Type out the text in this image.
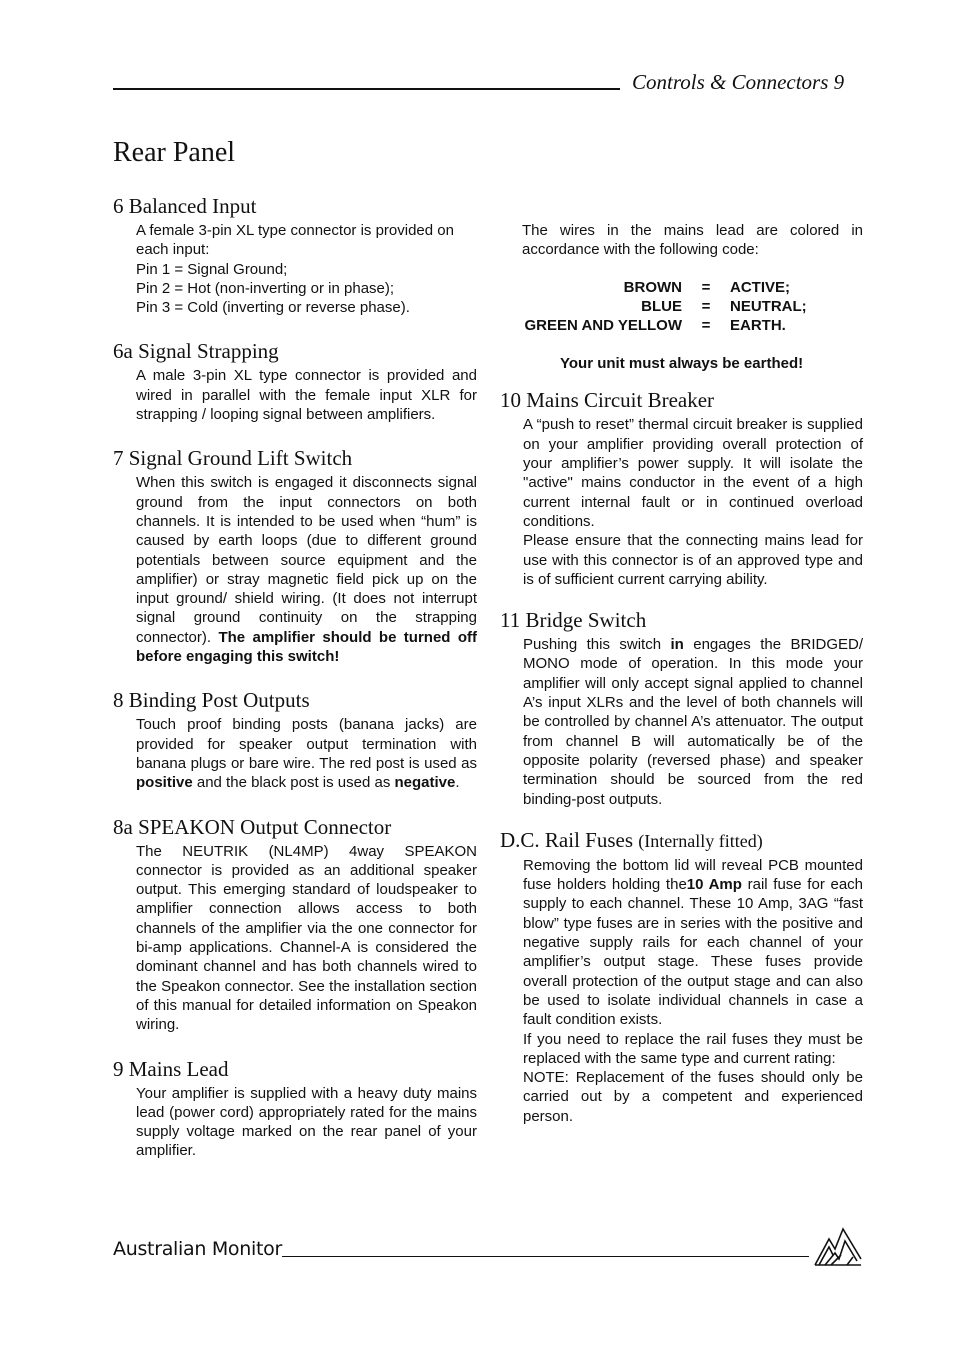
Controls & Connectors 9
Rear Panel
6 Balanced Input

A female 3-pin XL type connector is provided on each input:

Pin 1 = Signal Ground;

Pin 2 = Hot (non-inverting or in phase);

Pin 3 = Cold (inverting or reverse phase).

6a Signal Strapping

A male 3-pin XL type connector is provided and wired in parallel with the female input XLR for strapping / looping signal between amplifiers.

7 Signal Ground Lift Switch

When this switch is engaged it disconnects signal ground from the input connectors on both channels. It is intended to be used when “hum” is caused by earth loops (due to different ground potentials between source equipment and the amplifier) or stray magnetic field pick up on the input ground/ shield wiring. (It does not interrupt signal ground continuity on the strapping connector). The amplifier should be turned off before engaging this switch!

8 Binding Post Outputs

Touch proof binding posts (banana jacks) are provided for speaker output termination with banana plugs or bare wire. The red post is used as positive and the black post is used as negative.

8a SPEAKON Output Connector

The NEUTRIK (NL4MP) 4way SPEAKON connector is provided as an additional speaker output. This emerging standard of loudspeaker to amplifier connection allows access to both channels of the amplifier via the one connector for bi-amp applications. Channel-A is considered the dominant channel and has both channels wired to the Speakon connector. See the installation section of this manual for detailed information on Speakon wiring.

9 Mains Lead

Your amplifier is supplied with a heavy duty mains lead (power cord) appropriately rated for the mains supply voltage marked on the rear panel of your amplifier.

The wires in the mains lead are colored in accordance with the following code:

BROWN	=	ACTIVE;
BLUE	=	NEUTRAL;
GREEN AND YELLOW	=	EARTH.
Your unit must always be earthed!
10 Mains Circuit Breaker

A “push to reset” thermal circuit breaker is supplied on your amplifier providing overall protection of your amplifier’s power supply. It will isolate the "active" mains conductor in the event of a high current internal fault or in continued overload conditions.

Please ensure that the connecting mains lead for use with this connector is of an approved type and is of sufficient current carrying ability.

11 Bridge Switch

Pushing this switch in engages the BRIDGED/ MONO mode of operation. In this mode your amplifier will only accept signal applied to channel A’s input XLRs and the level of both channels will be controlled by channel A’s attenuator. The output from channel B will automatically be of the opposite polarity (reversed phase) and speaker termination should be sourced from the red binding-post outputs.

D.C. Rail Fuses (Internally fitted)

Removing the bottom lid will reveal PCB mounted fuse holders holding the10 Amp rail fuse for each supply to each channel. These 10 Amp, 3AG “fast blow” type fuses are in series with the positive and negative supply rails for each channel of your amplifier’s output stage. These fuses provide overall protection of the output stage and can also be used to isolate individual channels in case a fault condition exists.

If you need to replace the rail fuses they must be replaced with the same type and current rating:

NOTE: Replacement of the fuses should only be carried out by a competent and experienced person.

Australian Monitor
